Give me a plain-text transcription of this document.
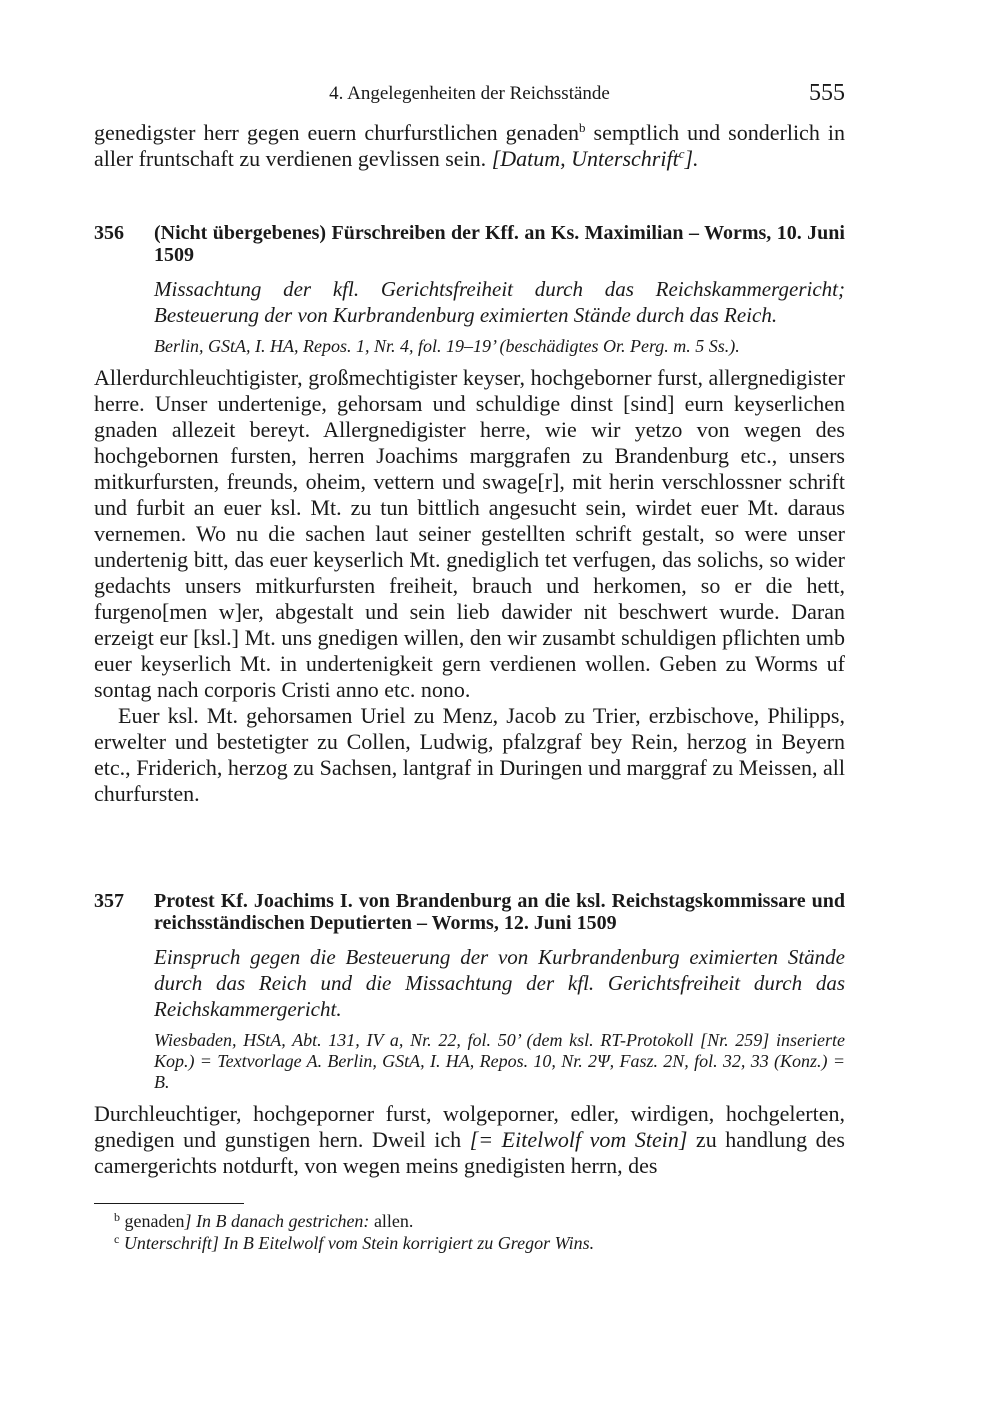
4. Angelegenheiten der Reichsstände	555

genedigster herr gegen euern churfurstlichen genaden$^b$ semptlich und sonderlich in aller fruntschaft zu verdienen gevlissen sein. [Datum, Unterschrift$^c$].

356 (Nicht übergebenes) Fürschreiben der Kff. an Ks. Maximilian – Worms, 10. Juni 1509
Missachtung der kfl. Gerichtsfreiheit durch das Reichskammergericht; Besteuerung der von Kurbrandenburg eximierten Stände durch das Reich.
Berlin, GStA, I. HA, Repos. 1, Nr. 4, fol. 19–19’ (beschädigtes Or. Perg. m. 5 Ss.).

Allerdurchleuchtigister, großmechtigister keyser, hochgeborner furst, allergnedigister herre. Unser undertenige, gehorsam und schuldige dinst [sind] eurn keyserlichen gnaden allezeit bereyt. Allergnedigister herre, wie wir yetzo von wegen des hochgebornen fursten, herren Joachims marggrafen zu Brandenburg etc., unsers mitkurfursten, freunds, oheim, vettern und swage[r], mit herin verschlossner schrift und furbit an euer ksl. Mt. zu tun bittlich angesucht sein, wirdet euer Mt. daraus vernemen. Wo nu die sachen laut seiner gestellten schrift gestalt, so were unser undertenig bitt, das euer keyserlich Mt. gnediglich tet verfugen, das solichs, so wider gedachts unsers mitkurfursten freiheit, brauch und herkomen, so er die hett, furgeno[men w]er, abgestalt und sein lieb dawider nit beschwert wurde. Daran erzeigt eur [ksl.] Mt. uns gnedigen willen, den wir zusambt schuldigen pflichten umb euer keyserlich Mt. in undertenigkeit gern verdienen wollen. Geben zu Worms uf sontag nach corporis Cristi anno etc. nono.

Euer ksl. Mt. gehorsamen Uriel zu Menz, Jacob zu Trier, erzbischove, Philipps, erwelter und bestetigter zu Collen, Ludwig, pfalzgraf bey Rein, herzog in Beyern etc., Friderich, herzog zu Sachsen, lantgraf in Duringen und marggraf zu Meissen, all churfursten.

357 Protest Kf. Joachims I. von Brandenburg an die ksl. Reichstagskommissare und reichsständischen Deputierten – Worms, 12. Juni 1509
Einspruch gegen die Besteuerung der von Kurbrandenburg eximierten Stände durch das Reich und die Missachtung der kfl. Gerichtsfreiheit durch das Reichskammergericht.
Wiesbaden, HStA, Abt. 131, IV a, Nr. 22, fol. 50’ (dem ksl. RT-Protokoll [Nr. 259] inserierte Kop.) = Textvorlage A. Berlin, GStA, I. HA, Repos. 10, Nr. 2Ψ, Fasz. 2N, fol. 32, 33 (Konz.) = B.

Durchleuchtiger, hochgeporner furst, wolgeporner, edler, wirdigen, hochgelerten, gnedigen und gunstigen hern. Dweil ich [= Eitelwolf vom Stein] zu handlung des camergerichts notdurft, von wegen meins gnedigisten herrn, des

$^b$ genaden] In B danach gestrichen: allen.

$^c$ Unterschrift] In B Eitelwolf vom Stein korrigiert zu Gregor Wins.
